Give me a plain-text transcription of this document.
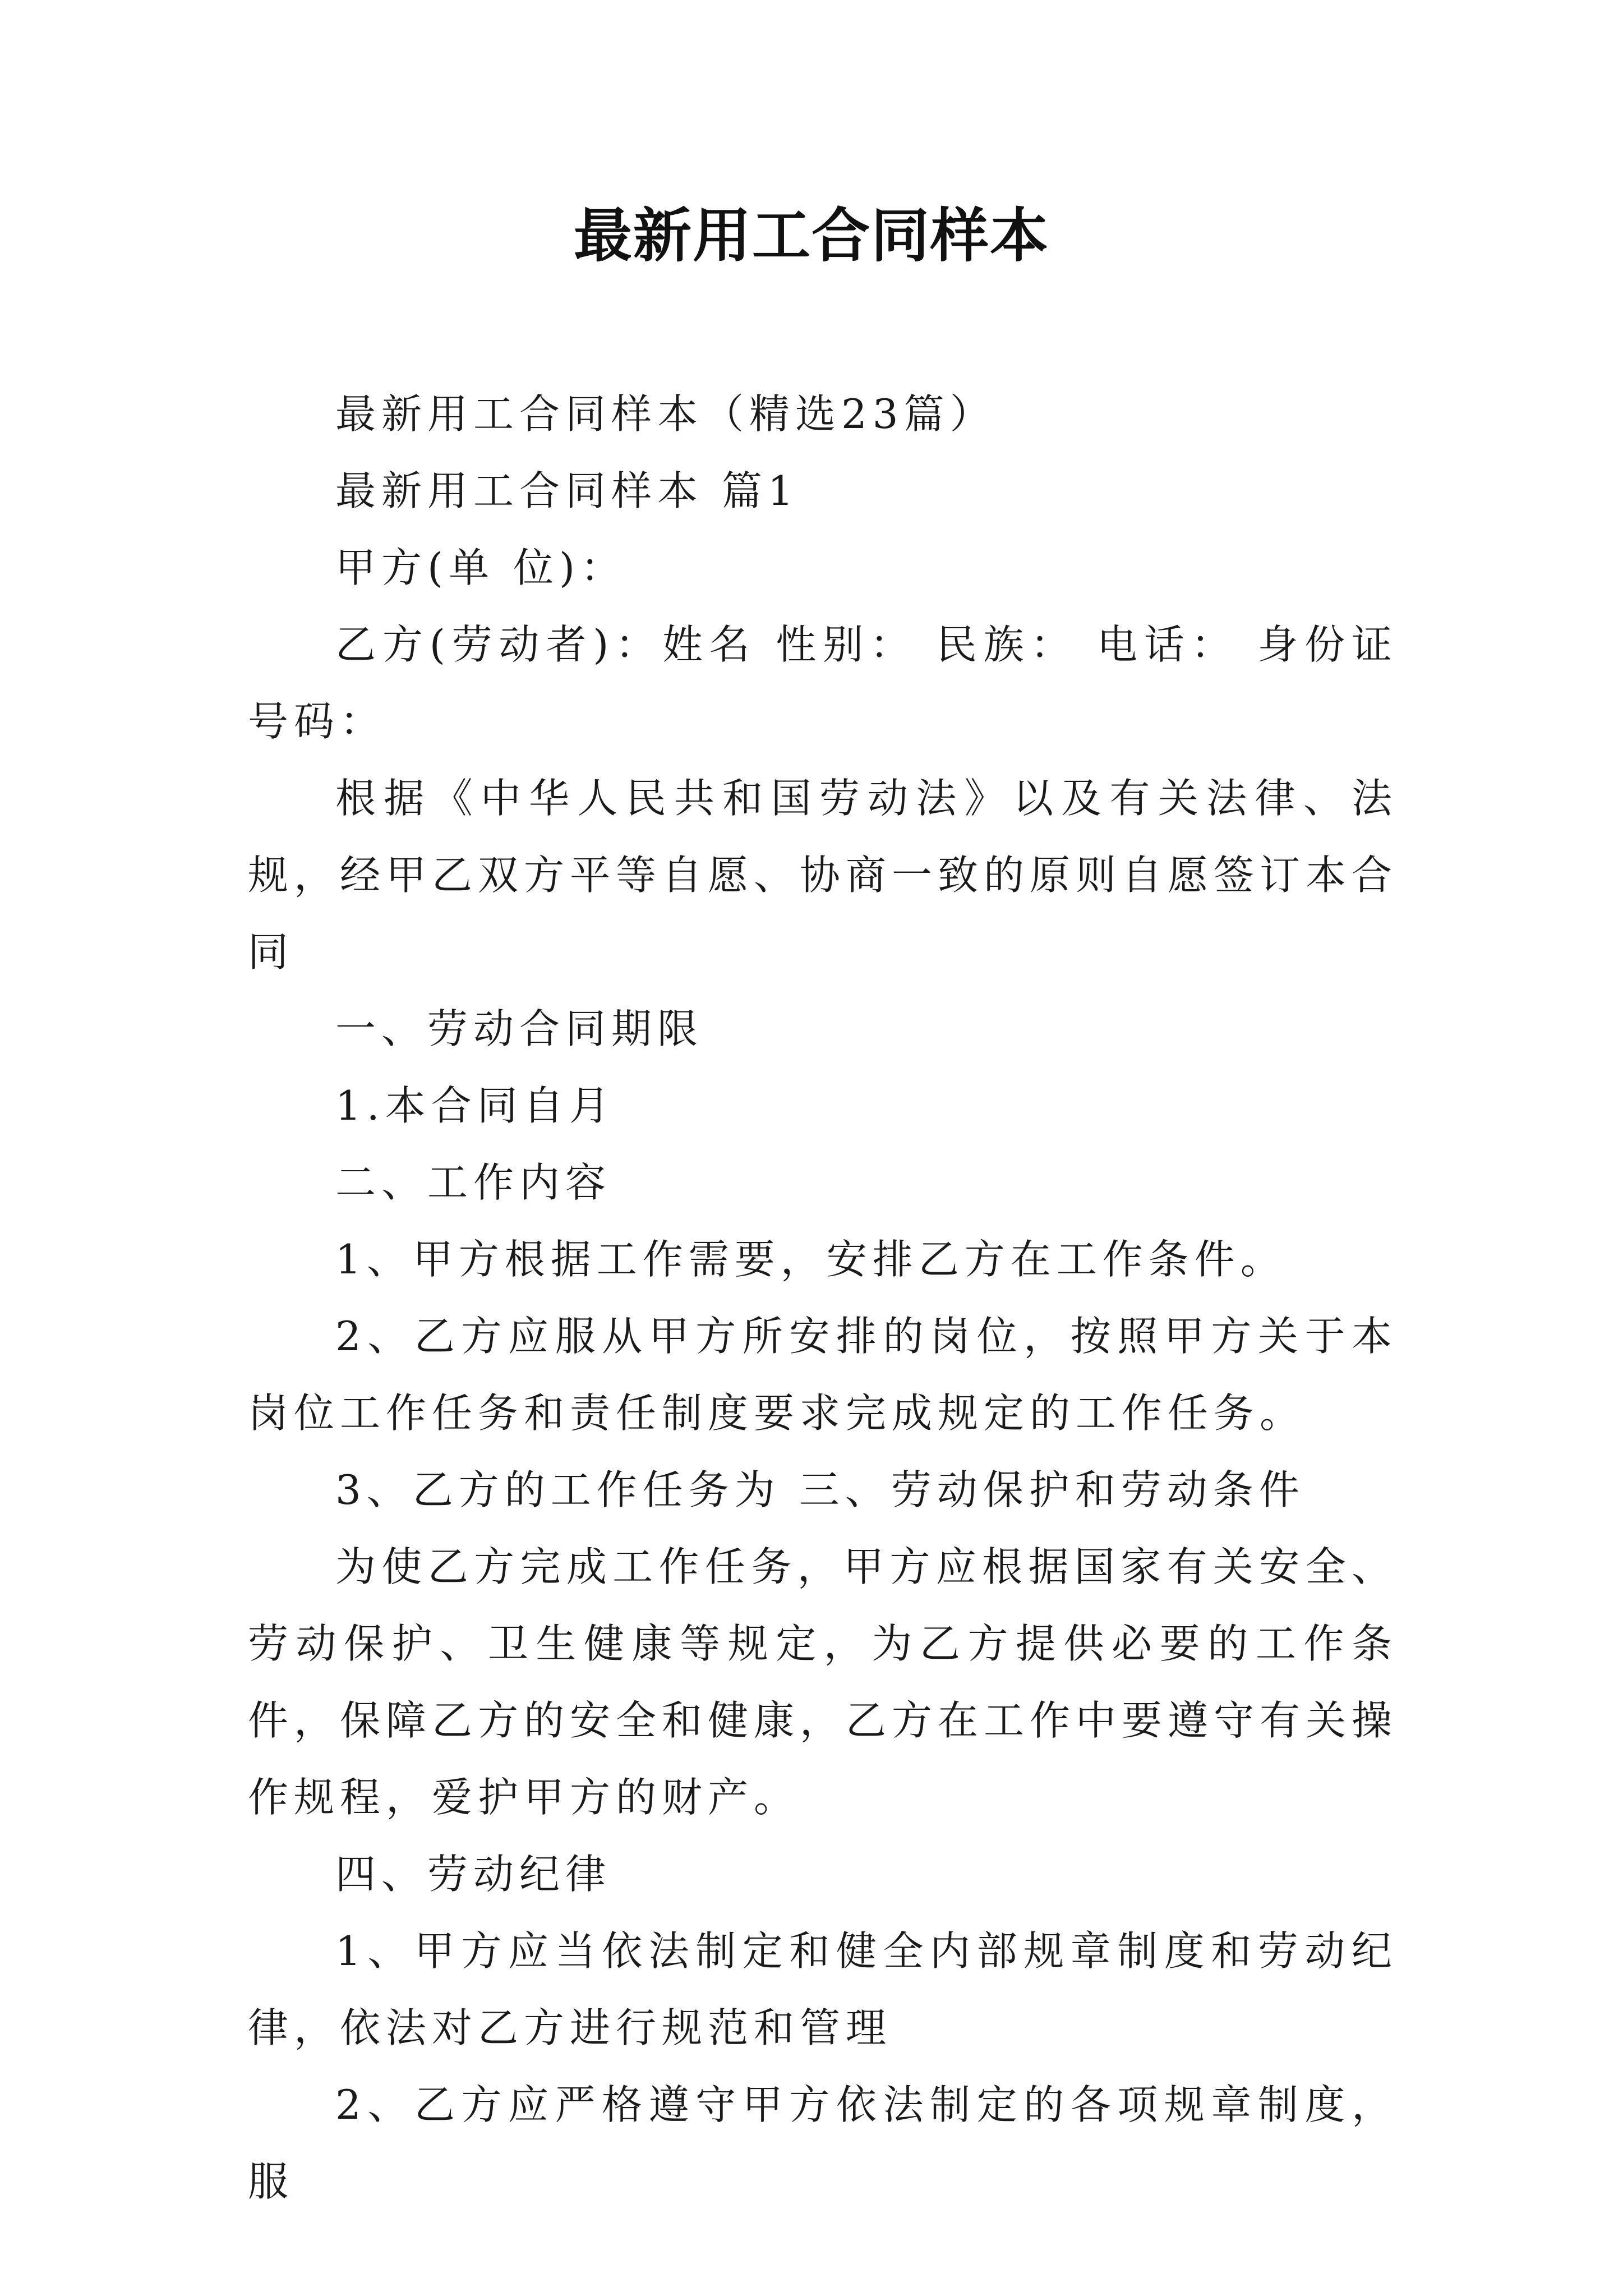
最新用工合同样本

最新用工合同样本（精选23篇）

最新用工合同样本 篇1

甲方(单 位)：

乙方(劳动者)：姓名 性别： 民族： 电话： 身份证号码：

根据《中华人民共和国劳动法》以及有关法律、法规，经甲乙双方平等自愿、协商一致的原则自愿签订本合同

一、劳动合同期限

1.本合同自月

二、工作内容

1、甲方根据工作需要，安排乙方在工作条件。

2、乙方应服从甲方所安排的岗位，按照甲方关于本岗位工作任务和责任制度要求完成规定的工作任务。

3、乙方的工作任务为 三、劳动保护和劳动条件

为使乙方完成工作任务，甲方应根据国家有关安全、劳动保护、卫生健康等规定，为乙方提供必要的工作条件，保障乙方的安全和健康，乙方在工作中要遵守有关操作规程，爱护甲方的财产。

四、劳动纪律

1、甲方应当依法制定和健全内部规章制度和劳动纪律，依法对乙方进行规范和管理

2、乙方应严格遵守甲方依法制定的各项规章制度，服
